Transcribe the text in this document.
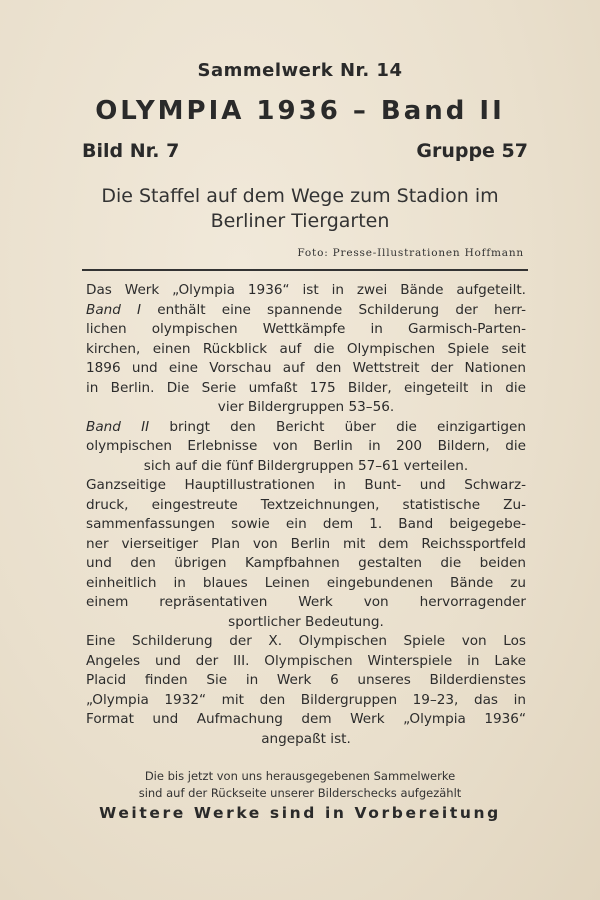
Sammelwerk Nr. 14
OLYMPIA 1936 – Band II
Bild Nr. 7	Gruppe 57
Die Staffel auf dem Wege zum Stadion im
Berliner Tiergarten
Foto: Presse-Illustrationen Hoffmann
Das Werk „Olympia 1936“ ist in zwei Bände aufgeteilt.
Band I enthält eine spannende Schilderung der herr-
lichen olympischen Wettkämpfe in Garmisch-Parten-
kirchen, einen Rückblick auf die Olympischen Spiele seit
1896 und eine Vorschau auf den Wettstreit der Nationen
in Berlin. Die Serie umfaßt 175 Bilder, eingeteilt in die
vier Bildergruppen 53–56.
Band II bringt den Bericht über die einzigartigen
olympischen Erlebnisse von Berlin in 200 Bildern, die
sich auf die fünf Bildergruppen 57–61 verteilen.
Ganzseitige Hauptillustrationen in Bunt- und Schwarz-
druck, eingestreute Textzeichnungen, statistische Zu-
sammenfassungen sowie ein dem 1. Band beigegebe-
ner vierseitiger Plan von Berlin mit dem Reichssportfeld
und den übrigen Kampfbahnen gestalten die beiden
einheitlich in blaues Leinen eingebundenen Bände zu
einem repräsentativen Werk von hervorragender
sportlicher Bedeutung.
Eine Schilderung der X. Olympischen Spiele von Los
Angeles und der III. Olympischen Winterspiele in Lake
Placid finden Sie in Werk 6 unseres Bilderdienstes
„Olympia 1932“ mit den Bildergruppen 19–23, das in
Format und Aufmachung dem Werk „Olympia 1936“
angepaßt ist.
Die bis jetzt von uns herausgegebenen Sammelwerke
sind auf der Rückseite unserer Bilderschecks aufgezählt
Weitere Werke sind in Vorbereitung
